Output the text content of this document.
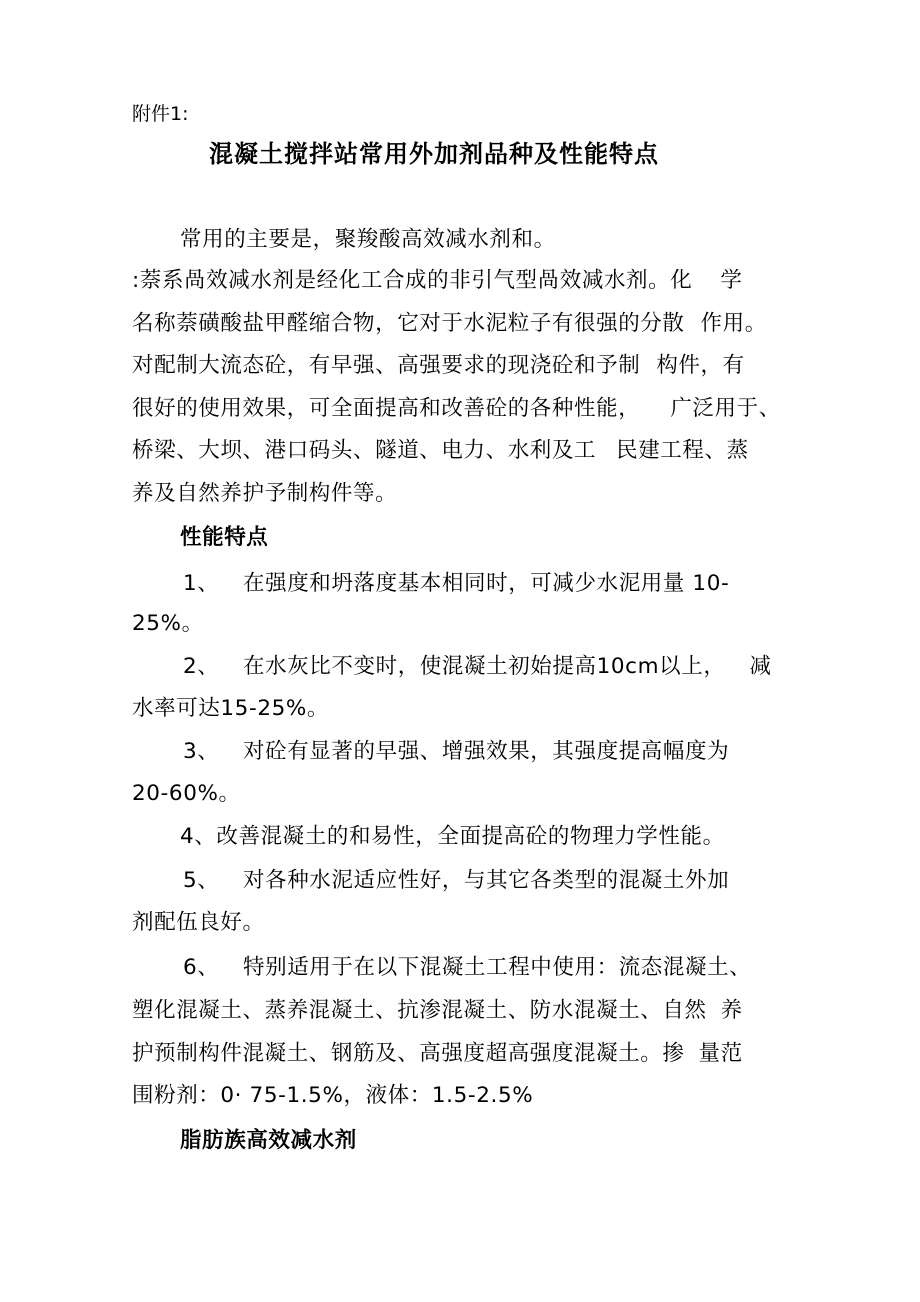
附件1:
混凝土搅拌站常用外加剂品种及性能特点
常用的主要是，聚羧酸高效减水剂和。
:萘系咼效减水剂是经化工合成的非引气型咼效减水剂。化 学
名称萘磺酸盐甲醛缩合物，它对于水泥粒子有很强的分散 作用。
对配制大流态砼，有早强、高强要求的现浇砼和予制 构件，有
很好的使用效果，可全面提高和改善砼的各种性能， 广泛用于、
桥梁、大坝、港口码头、隧道、电力、水利及工 民建工程、蒸
养及自然养护予制构件等。
性能特点
1、 在强度和坍落度基本相同时，可减少水泥用量 10-
25%。
2、 在水灰比不变时，使混凝土初始提高10cm以上， 减
水率可达15-25%。
3、 对砼有显著的早强、增强效果，其强度提高幅度为
20-60%。
4、改善混凝土的和易性，全面提高砼的物理力学性能。
5、 对各种水泥适应性好，与其它各类型的混凝土外加
剂配伍良好。
6、 特别适用于在以下混凝土工程中使用：流态混凝土、
塑化混凝土、蒸养混凝土、抗渗混凝土、防水混凝土、自然 养
护预制构件混凝土、钢筋及、高强度超高强度混凝土。掺 量范
围粉剂：0· 75-1.5%，液体：1.5-2.5%
脂肪族高效减水剂
